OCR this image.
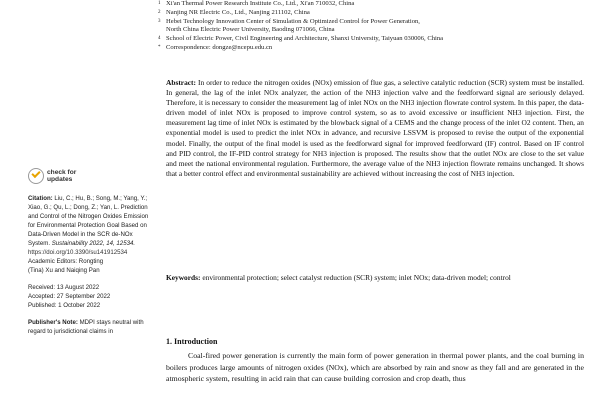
1 Xi'an Thermal Power Research Institute Co., Ltd., Xi'an 710032, China
2 Nanjing NR Electric Co., Ltd., Nanjing 211102, China
3 Hebei Technology Innovation Center of Simulation & Optimized Control for Power Generation,
North China Electric Power University, Baoding 071066, China
4 School of Electric Power, Civil Engineering and Architecture, Shanxi University, Taiyuan 030006, China
* Correspondence: dongze@ncepu.edu.cn
check for
updates

Citation: Liu, C.; Hu, B.; Song, M.; Yang, Y.; Xiao, G.; Qu, L.; Dong, Z.; Yan, L. Prediction and Control of the Nitrogen Oxides Emission for Environmental Protection Goal Based on Data-Driven Model in the SCR de-NOx System. Sustainability 2022, 14, 12534. https://doi.org/10.3390/su141912534

Academic Editors: Rongting

(Tina) Xu and Naiqing Pan

Received: 13 August 2022

Accepted: 27 September 2022

Published: 1 October 2022

Publisher's Note: MDPI stays neutral with regard to jurisdictional claims in

Abstract: In order to reduce the nitrogen oxides (NOx) emission of flue gas, a selective catalytic reduction (SCR) system must be installed. In general, the lag of the inlet NOx analyzer, the action of the NH3 injection valve and the feedforward signal are seriously delayed. Therefore, it is necessary to consider the measurement lag of inlet NOx on the NH3 injection flowrate control system. In this paper, the data-driven model of inlet NOx is proposed to improve control system, so as to avoid excessive or insufficient NH3 injection. First, the measurement lag time of inlet NOx is estimated by the blowback signal of a CEMS and the change process of the inlet O2 content. Then, an exponential model is used to predict the inlet NOx in advance, and recursive LSSVM is proposed to revise the output of the exponential model. Finally, the output of the final model is used as the feedforward signal for improved feedforward (IF) control. Based on IF control and PID control, the IF-PID control strategy for NH3 injection is proposed. The results show that the outlet NOx are close to the set value and meet the national environmental regulation. Furthermore, the average value of the NH3 injection flowrate remains unchanged. It shows that a better control effect and environmental sustainability are achieved without increasing the cost of NH3 injection.

Keywords: environmental protection; select catalyst reduction (SCR) system; inlet NOx; data-driven model; control

1. Introduction

Coal-fired power generation is currently the main form of power generation in thermal power plants, and the coal burning in boilers produces large amounts of nitrogen oxides (NOx), which are absorbed by rain and snow as they fall and are generated in the atmospheric system, resulting in acid rain that can cause building corrosion and crop death, thus
